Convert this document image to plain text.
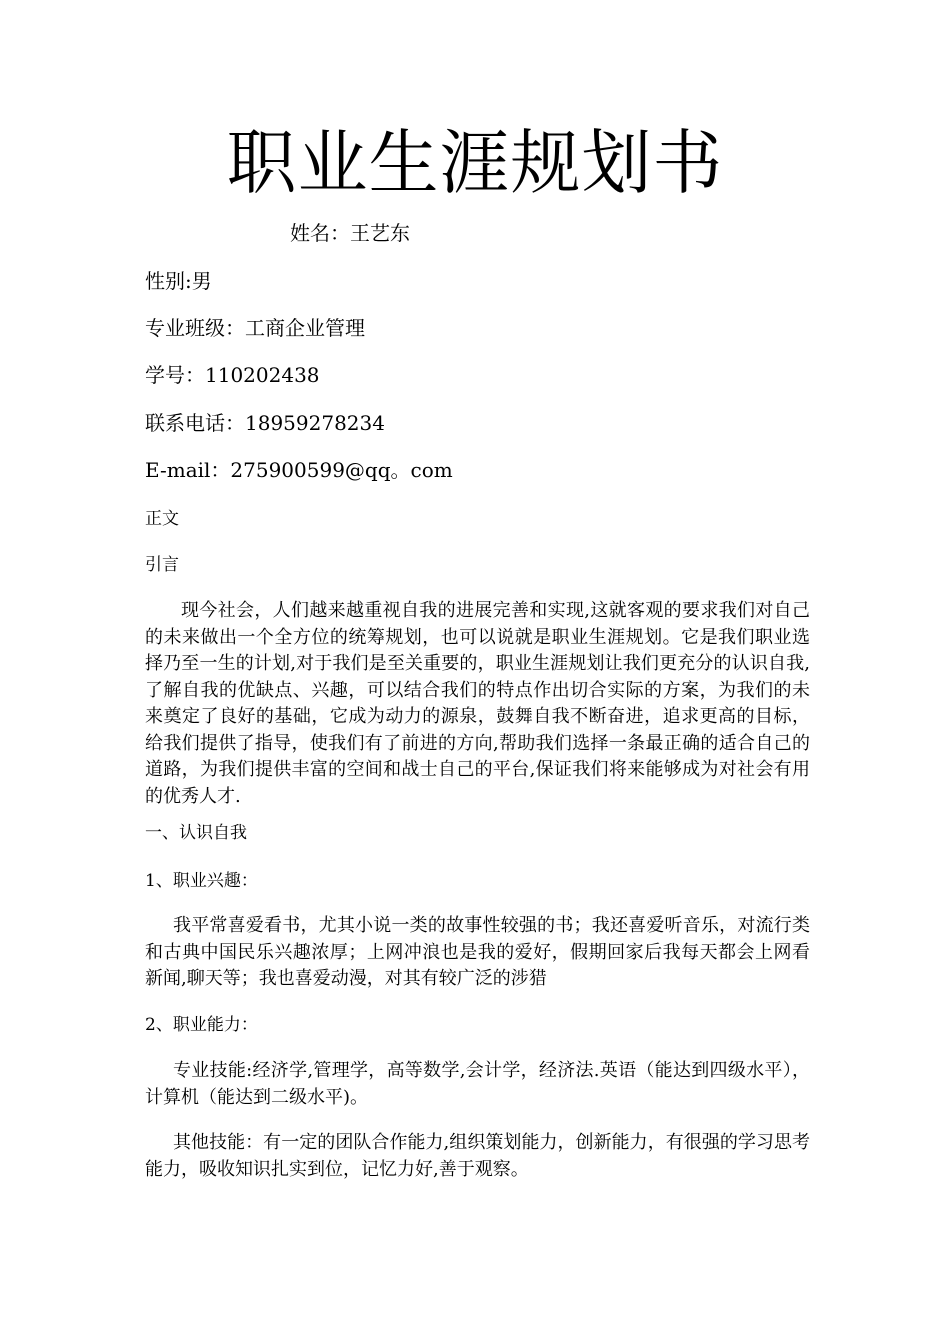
职业生涯规划书
姓名：王艺东
性别:男
专业班级：工商企业管理
学号：110202438
联系电话：18959278234
E-mail：275900599@qq。com
正文
引言

现今社会，人们越来越重视自我的进展完善和实现,这就客观的要求我们对自己的未来做出一个全方位的统筹规划，也可以说就是职业生涯规划。它是我们职业选择乃至一生的计划,对于我们是至关重要的，职业生涯规划让我们更充分的认识自我,了解自我的优缺点、兴趣，可以结合我们的特点作出切合实际的方案，为我们的未来奠定了良好的基础，它成为动力的源泉，鼓舞自我不断奋进，追求更高的目标，给我们提供了指导，使我们有了前进的方向,帮助我们选择一条最正确的适合自己的道路，为我们提供丰富的空间和战士自己的平台,保证我们将来能够成为对社会有用的优秀人才.

一、认识自我
1、职业兴趣：

我平常喜爱看书，尤其小说一类的故事性较强的书；我还喜爱听音乐，对流行类和古典中国民乐兴趣浓厚；上网冲浪也是我的爱好，假期回家后我每天都会上网看新闻,聊天等；我也喜爱动漫，对其有较广泛的涉猎

2、职业能力：

专业技能:经济学,管理学，高等数学,会计学，经济法.英语（能达到四级水平），计算机（能达到二级水平)。

其他技能：有一定的团队合作能力,组织策划能力，创新能力，有很强的学习思考能力，吸收知识扎实到位，记忆力好,善于观察。
